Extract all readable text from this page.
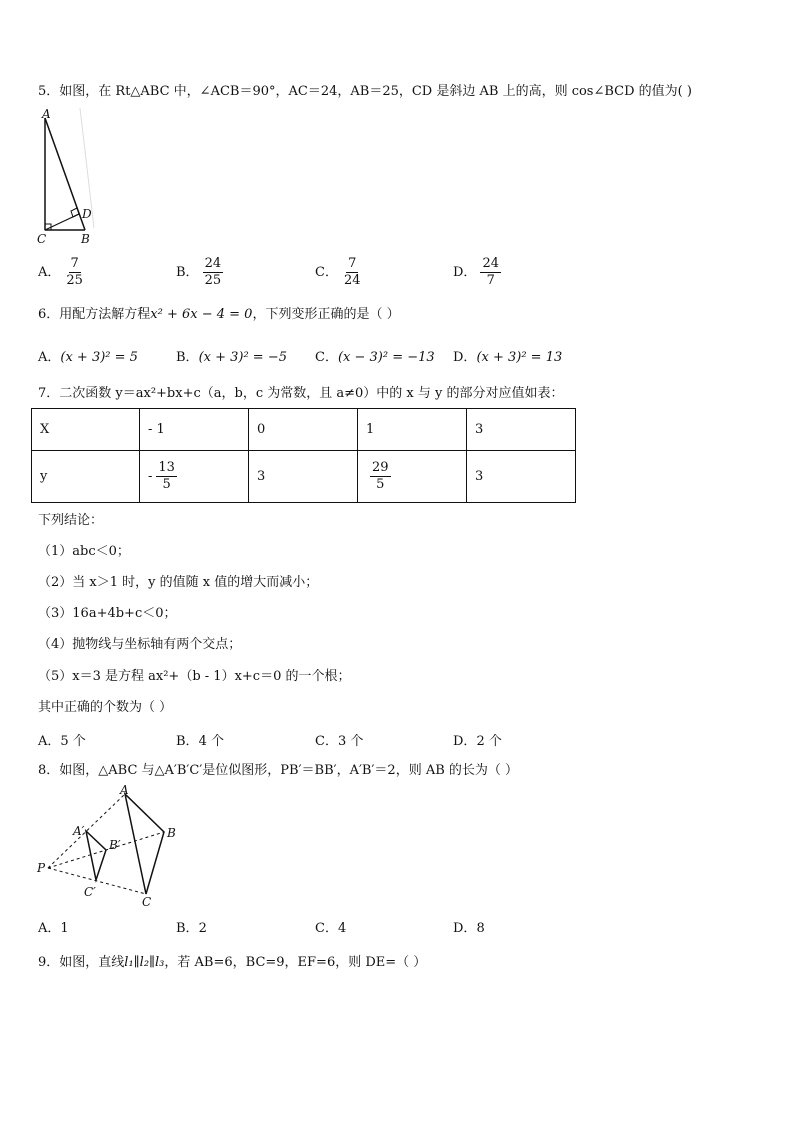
5．如图，在 Rt△ABC 中，∠ACB＝90°，AC＝24，AB＝25，CD 是斜边 AB 上的高，则 cos∠BCD 的值为( )
A
C	B
D
A． $\frac{7}{25}$	B． $\frac{24}{25}$	C． $\frac{7}{24}$	D． $\frac{24}{7}$
6．用配方法解方程x² + 6x − 4 = 0，下列变形正确的是（ ）
A．(x + 3)² = 5	B．(x + 3)² = −5 C．(x − 3)² = −13 D．(x + 3)² = 13
7．二次函数 y＝ax²+bx+c（a，b，c 为常数，且 a≠0）中的 x 与 y 的部分对应值如表：
X	- 1	0	1	3
y	- $\frac{13}{5}$	3	$\frac{29}{5}$	3
下列结论：
（1）abc＜0；
（2）当 x＞1 时，y 的值随 x 值的增大而减小；
（3）16a+4b+c＜0；
（4）抛物线与坐标轴有两个交点；
（5）x＝3 是方程 ax²+（b - 1）x+c＝0 的一个根；
其中正确的个数为（ ）
A．5 个	B．4 个	C．3 个	D．2 个
8．如图，△ABC 与△A′B′C′是位似图形，PB′＝BB′，A′B′＝2，则 AB 的长为（ ）
A
B
C
A′
B′
C′
P
A．1	B．2	C．4	D．8
9．如图，直线l₁∥l₂∥l₃，若 AB=6，BC=9，EF=6，则 DE=（ ）
